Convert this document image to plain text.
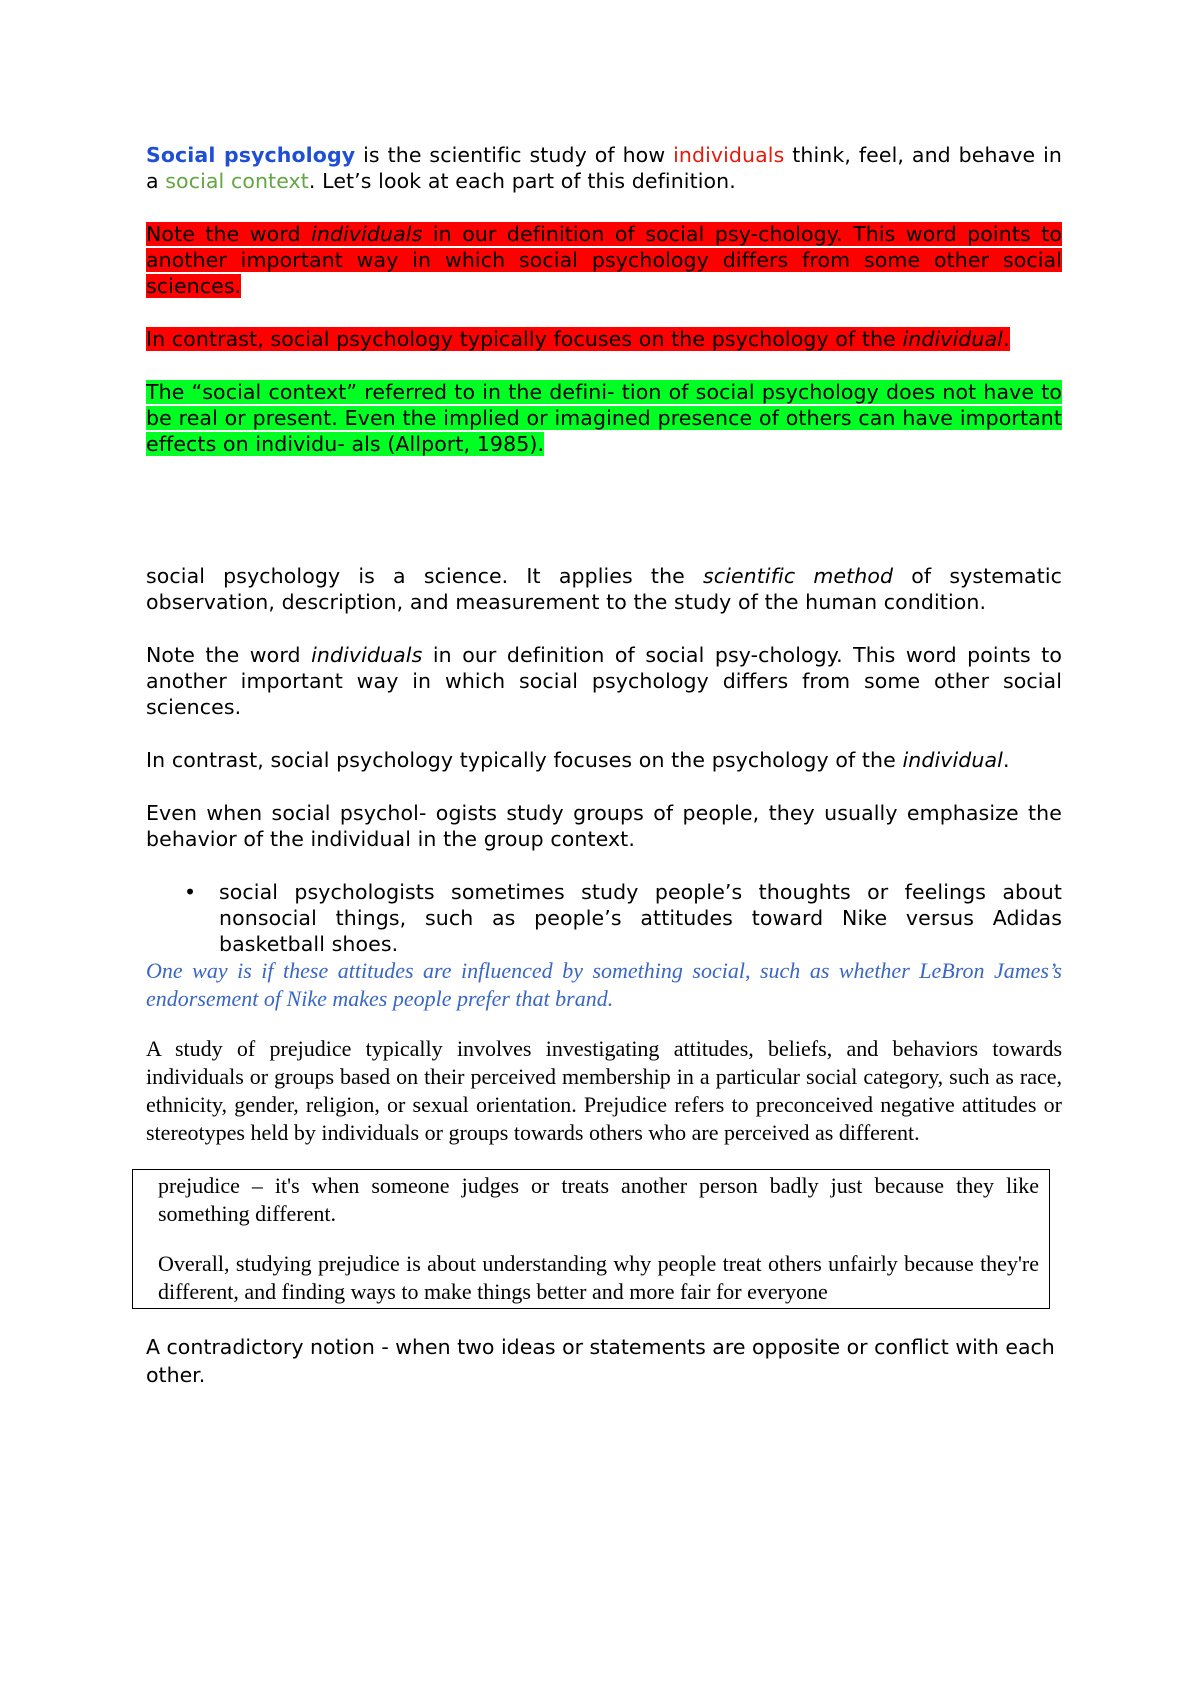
Social psychology is the scientific study of how individuals think, feel, and behave in a social context. Let’s look at each part of this definition.

Note the word individuals in our definition of social psy-chology. This word points to another important way in which social psychology differs from some other social sciences.

In contrast, social psychology typically focuses on the psychology of the individual.

The “social context” referred to in the defini- tion of social psychology does not have to be real or present. Even the implied or imagined presence of others can have important effects on individu- als (Allport, 1985).

social psychology is a science. It applies the scientific method of systematic observation, description, and measurement to the study of the human condition.

Note the word individuals in our definition of social psy-chology. This word points to another important way in which social psychology differs from some other social sciences.

In contrast, social psychology typically focuses on the psychology of the individual.

Even when social psychol- ogists study groups of people, they usually emphasize the behavior of the individual in the group context.

• social psychologists sometimes study people’s thoughts or feelings about nonsocial things, such as people’s attitudes toward Nike versus Adidas basketball shoes.

One way is if these attitudes are influenced by something social, such as whether LeBron James’s endorsement of Nike makes people prefer that brand.

A study of prejudice typically involves investigating attitudes, beliefs, and behaviors towards individuals or groups based on their perceived membership in a particular social category, such as race, ethnicity, gender, religion, or sexual orientation. Prejudice refers to preconceived negative attitudes or stereotypes held by individuals or groups towards others who are perceived as different.

prejudice – it's when someone judges or treats another person badly just because they like something different.

Overall, studying prejudice is about understanding why people treat others unfairly because they're different, and finding ways to make things better and more fair for everyone

A contradictory notion - when two ideas or statements are opposite or conflict with each other.
